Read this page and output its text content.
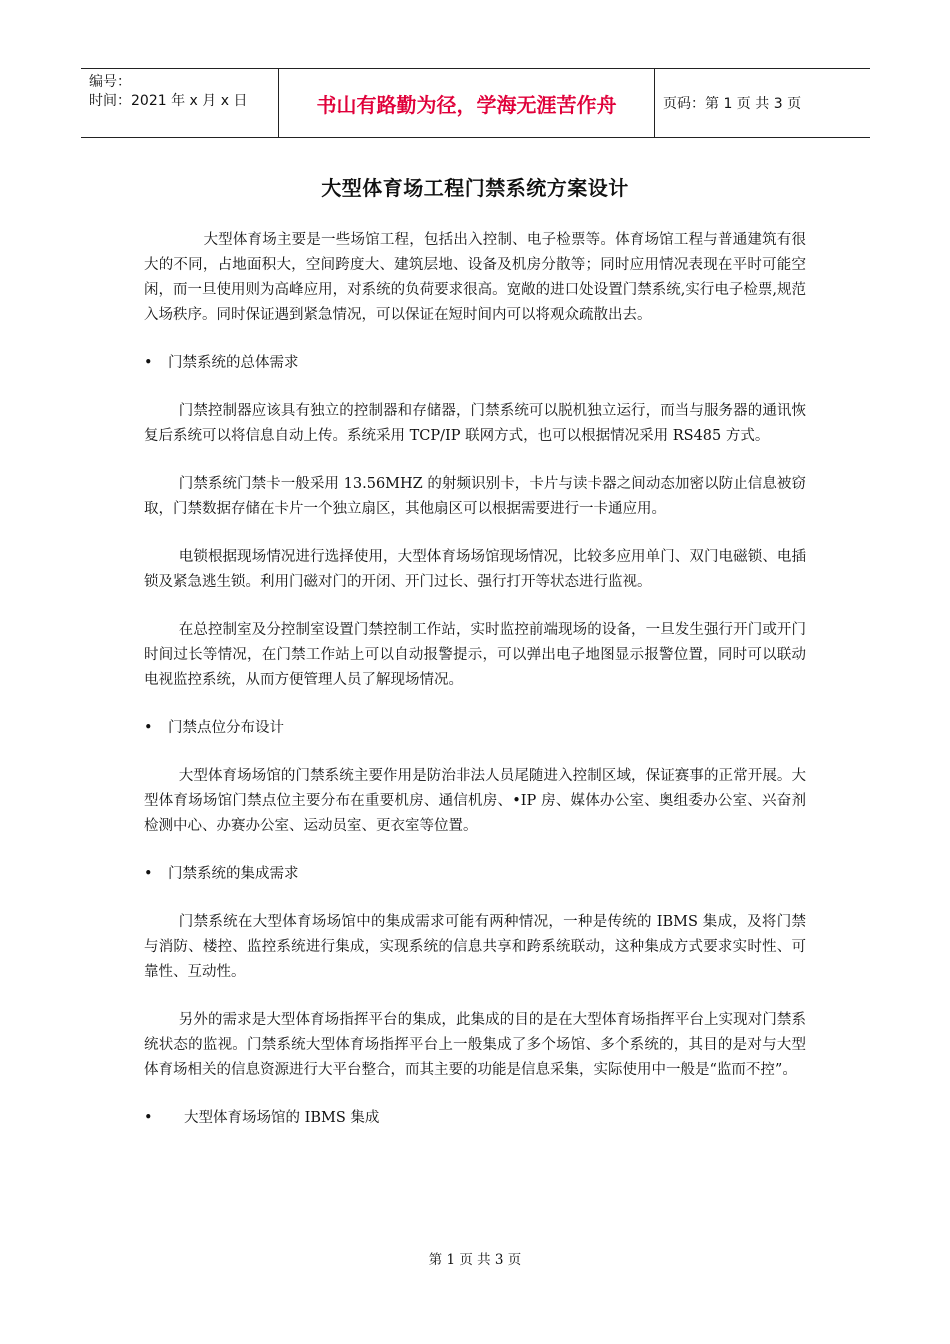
编号：
时间：2021 年 x 月 x 日	书山有路勤为径，学海无涯苦作舟	页码：第 1 页 共 3 页
大型体育场工程门禁系统方案设计

大型体育场主要是一些场馆工程，包括出入控制、电子检票等。体育场馆工程与普通建筑有很大的不同，占地面积大，空间跨度大、建筑层地、设备及机房分散等；同时应用情况表现在平时可能空闲，而一旦使用则为高峰应用，对系统的负荷要求很高。宽敞的进口处设置门禁系统,实行电子检票,规范入场秩序。同时保证遇到紧急情况，可以保证在短时间内可以将观众疏散出去。

•	门禁系统的总体需求

门禁控制器应该具有独立的控制器和存储器，门禁系统可以脱机独立运行，而当与服务器的通讯恢复后系统可以将信息自动上传。系统采用 TCP/IP 联网方式，也可以根据情况采用 RS485 方式。

门禁系统门禁卡一般采用 13.56MHZ 的射频识别卡，卡片与读卡器之间动态加密以防止信息被窃取，门禁数据存储在卡片一个独立扇区，其他扇区可以根据需要进行一卡通应用。

电锁根据现场情况进行选择使用，大型体育场场馆现场情况，比较多应用单门、双门电磁锁、电插锁及紧急逃生锁。利用门磁对门的开闭、开门过长、强行打开等状态进行监视。

在总控制室及分控制室设置门禁控制工作站，实时监控前端现场的设备，一旦发生强行开门或开门时间过长等情况，在门禁工作站上可以自动报警提示，可以弹出电子地图显示报警位置，同时可以联动电视监控系统，从而方便管理人员了解现场情况。

•	门禁点位分布设计

大型体育场场馆的门禁系统主要作用是防治非法人员尾随进入控制区域，保证赛事的正常开展。大型体育场场馆门禁点位主要分布在重要机房、通信机房、•IP 房、媒体办公室、奥组委办公室、兴奋剂检测中心、办赛办公室、运动员室、更衣室等位置。

•	门禁系统的集成需求

门禁系统在大型体育场场馆中的集成需求可能有两种情况，一种是传统的 IBMS 集成，及将门禁与消防、楼控、监控系统进行集成，实现系统的信息共享和跨系统联动，这种集成方式要求实时性、可靠性、互动性。

另外的需求是大型体育场指挥平台的集成，此集成的目的是在大型体育场指挥平台上实现对门禁系统状态的监视。门禁系统大型体育场指挥平台上一般集成了多个场馆、多个系统的，其目的是对与大型体育场相关的信息资源进行大平台整合，而其主要的功能是信息采集，实际使用中一般是“监而不控”。

•	大型体育场场馆的 IBMS 集成
第 1 页 共 3 页
